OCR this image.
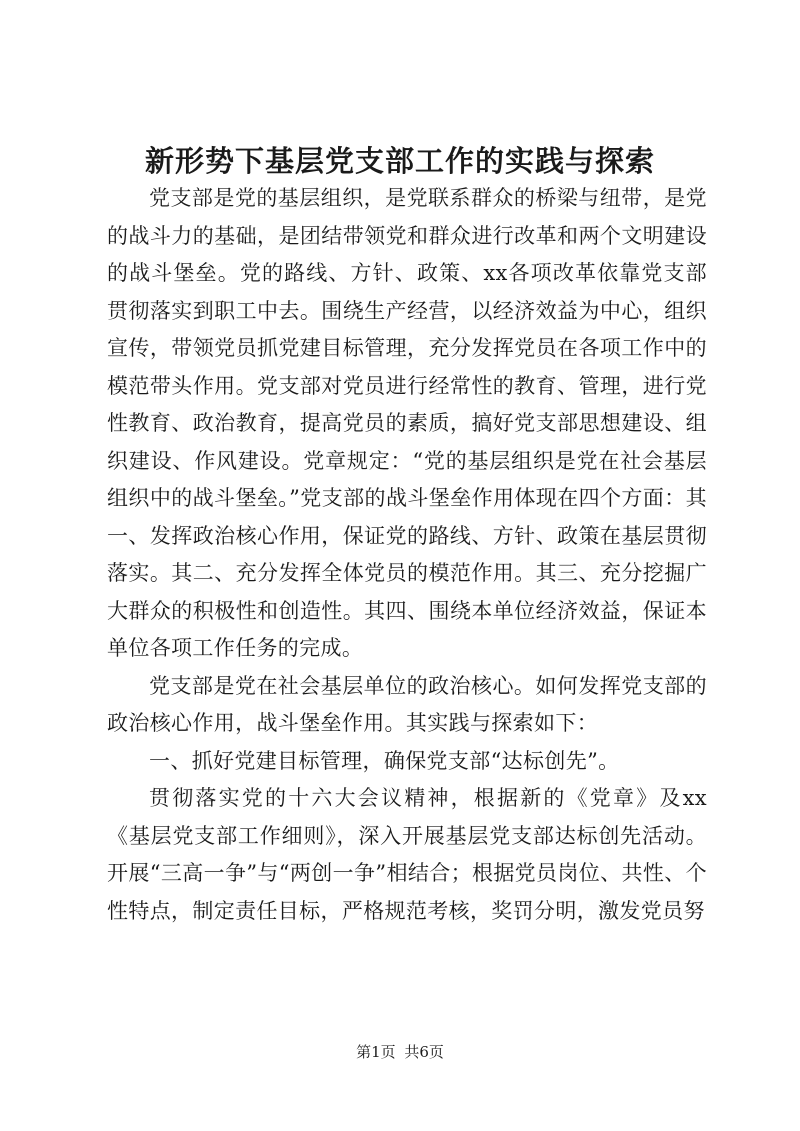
新形势下基层党支部工作的实践与探索

党支部是党的基层组织，是党联系群众的桥梁与纽带，是党的战斗力的基础，是团结带领党和群众进行改革和两个文明建设的战斗堡垒。党的路线、方针、政策、xx各项改革依靠党支部贯彻落实到职工中去。围绕生产经营，以经济效益为中心，组织宣传，带领党员抓党建目标管理，充分发挥党员在各项工作中的模范带头作用。党支部对党员进行经常性的教育、管理，进行党性教育、政治教育，提高党员的素质，搞好党支部思想建设、组织建设、作风建设。党章规定：“党的基层组织是党在社会基层组织中的战斗堡垒。”党支部的战斗堡垒作用体现在四个方面：其一、发挥政治核心作用，保证党的路线、方针、政策在基层贯彻落实。其二、充分发挥全体党员的模范作用。其三、充分挖掘广大群众的积极性和创造性。其四、围绕本单位经济效益，保证本单位各项工作任务的完成。

党支部是党在社会基层单位的政治核心。如何发挥党支部的政治核心作用，战斗堡垒作用。其实践与探索如下：

一、抓好党建目标管理，确保党支部“达标创先”。

贯彻落实党的十六大会议精神，根据新的《党章》及xx《基层党支部工作细则》，深入开展基层党支部达标创先活动。开展“三高一争”与“两创一争”相结合；根据党员岗位、共性、个性特点，制定责任目标，严格规范考核，奖罚分明，激发党员努

第1页 共6页
